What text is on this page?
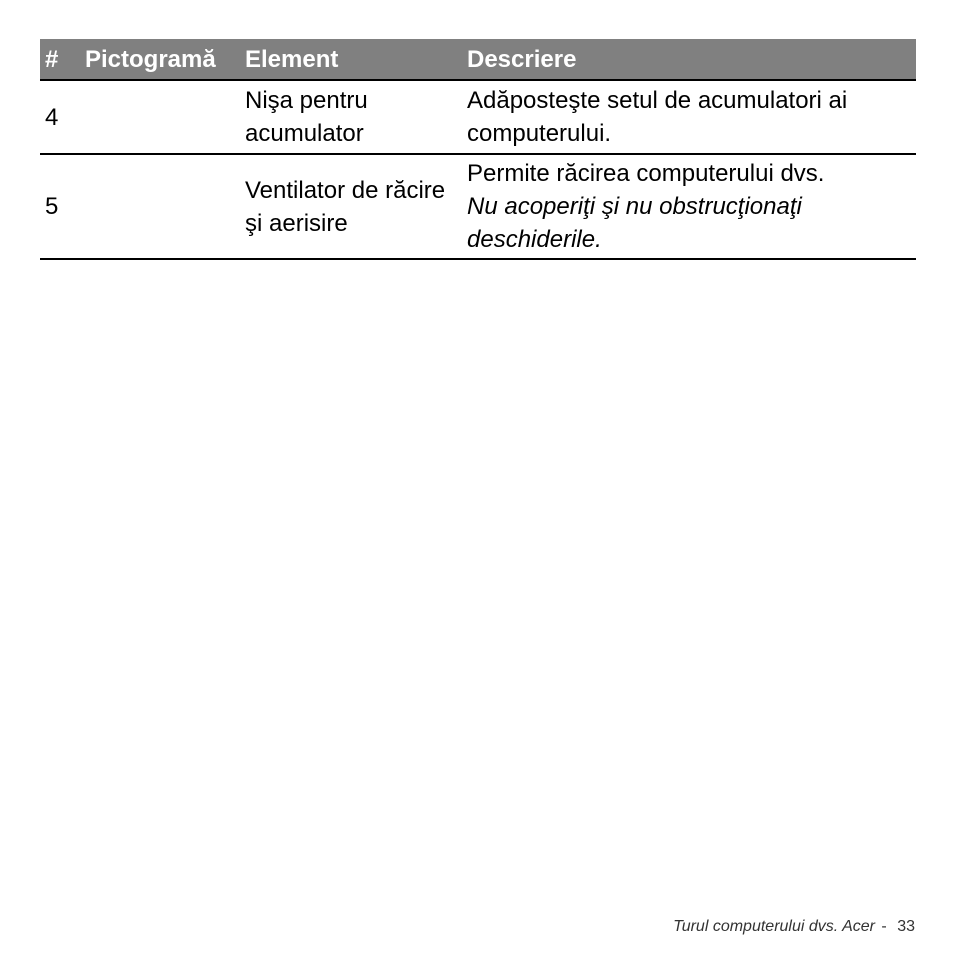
#	Pictogramă	Element	Descriere
4		Nişa pentru acumulator	Adăposteşte setul de acumulatori ai computerului.

5		Ventilator de răcire şi aerisire	Permite răcirea computerului dvs.
Nu acoperiţi şi nu obstrucţionaţi deschiderile.
Turul computerului dvs. Acer - 33
